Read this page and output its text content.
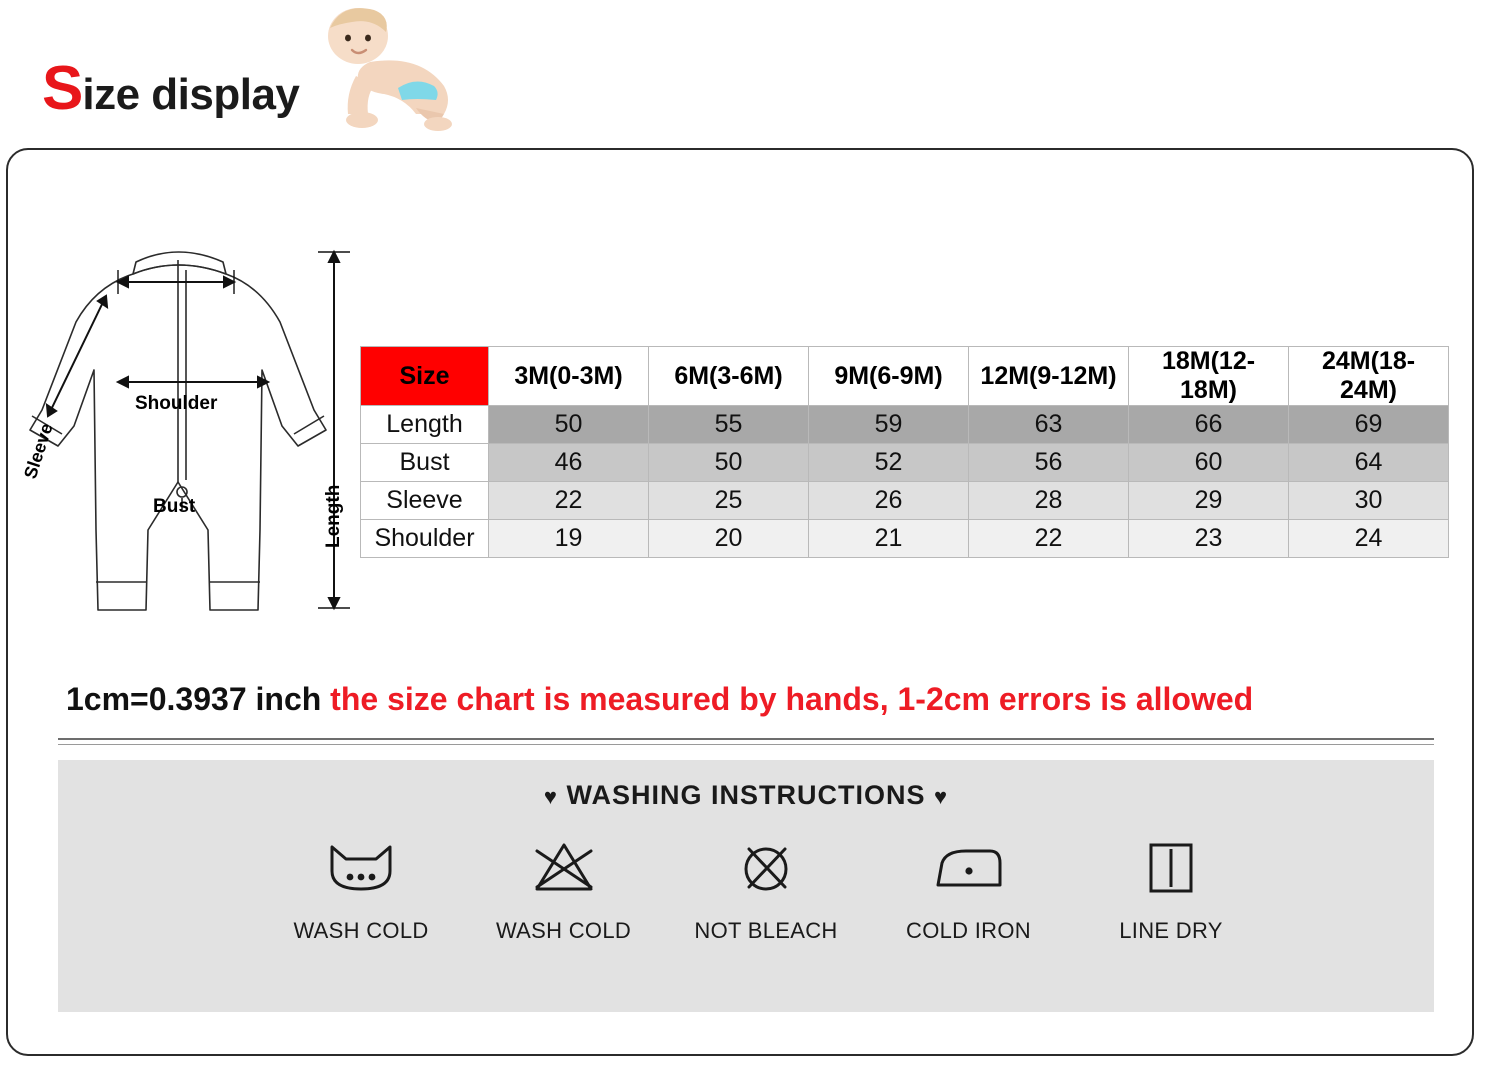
S ize display
Shoulder
Bust
Sleeve
Length
Size	3M(0-3M)	6M(3-6M)	9M(6-9M)	12M(9-12M)	18M(12-18M)	24M(18-24M)
Length	50	55	59	63	66	69
Bust	46	50	52	56	60	64
Sleeve	22	25	26	28	29	30
Shoulder	19	20	21	22	23	24
1cm=0.3937 inch the size chart is measured by hands, 1-2cm errors is allowed
♥ WASHING INSTRUCTIONS ♥
WASH COLD	WASH COLD	NOT BLEACH	COLD IRON	LINE DRY
